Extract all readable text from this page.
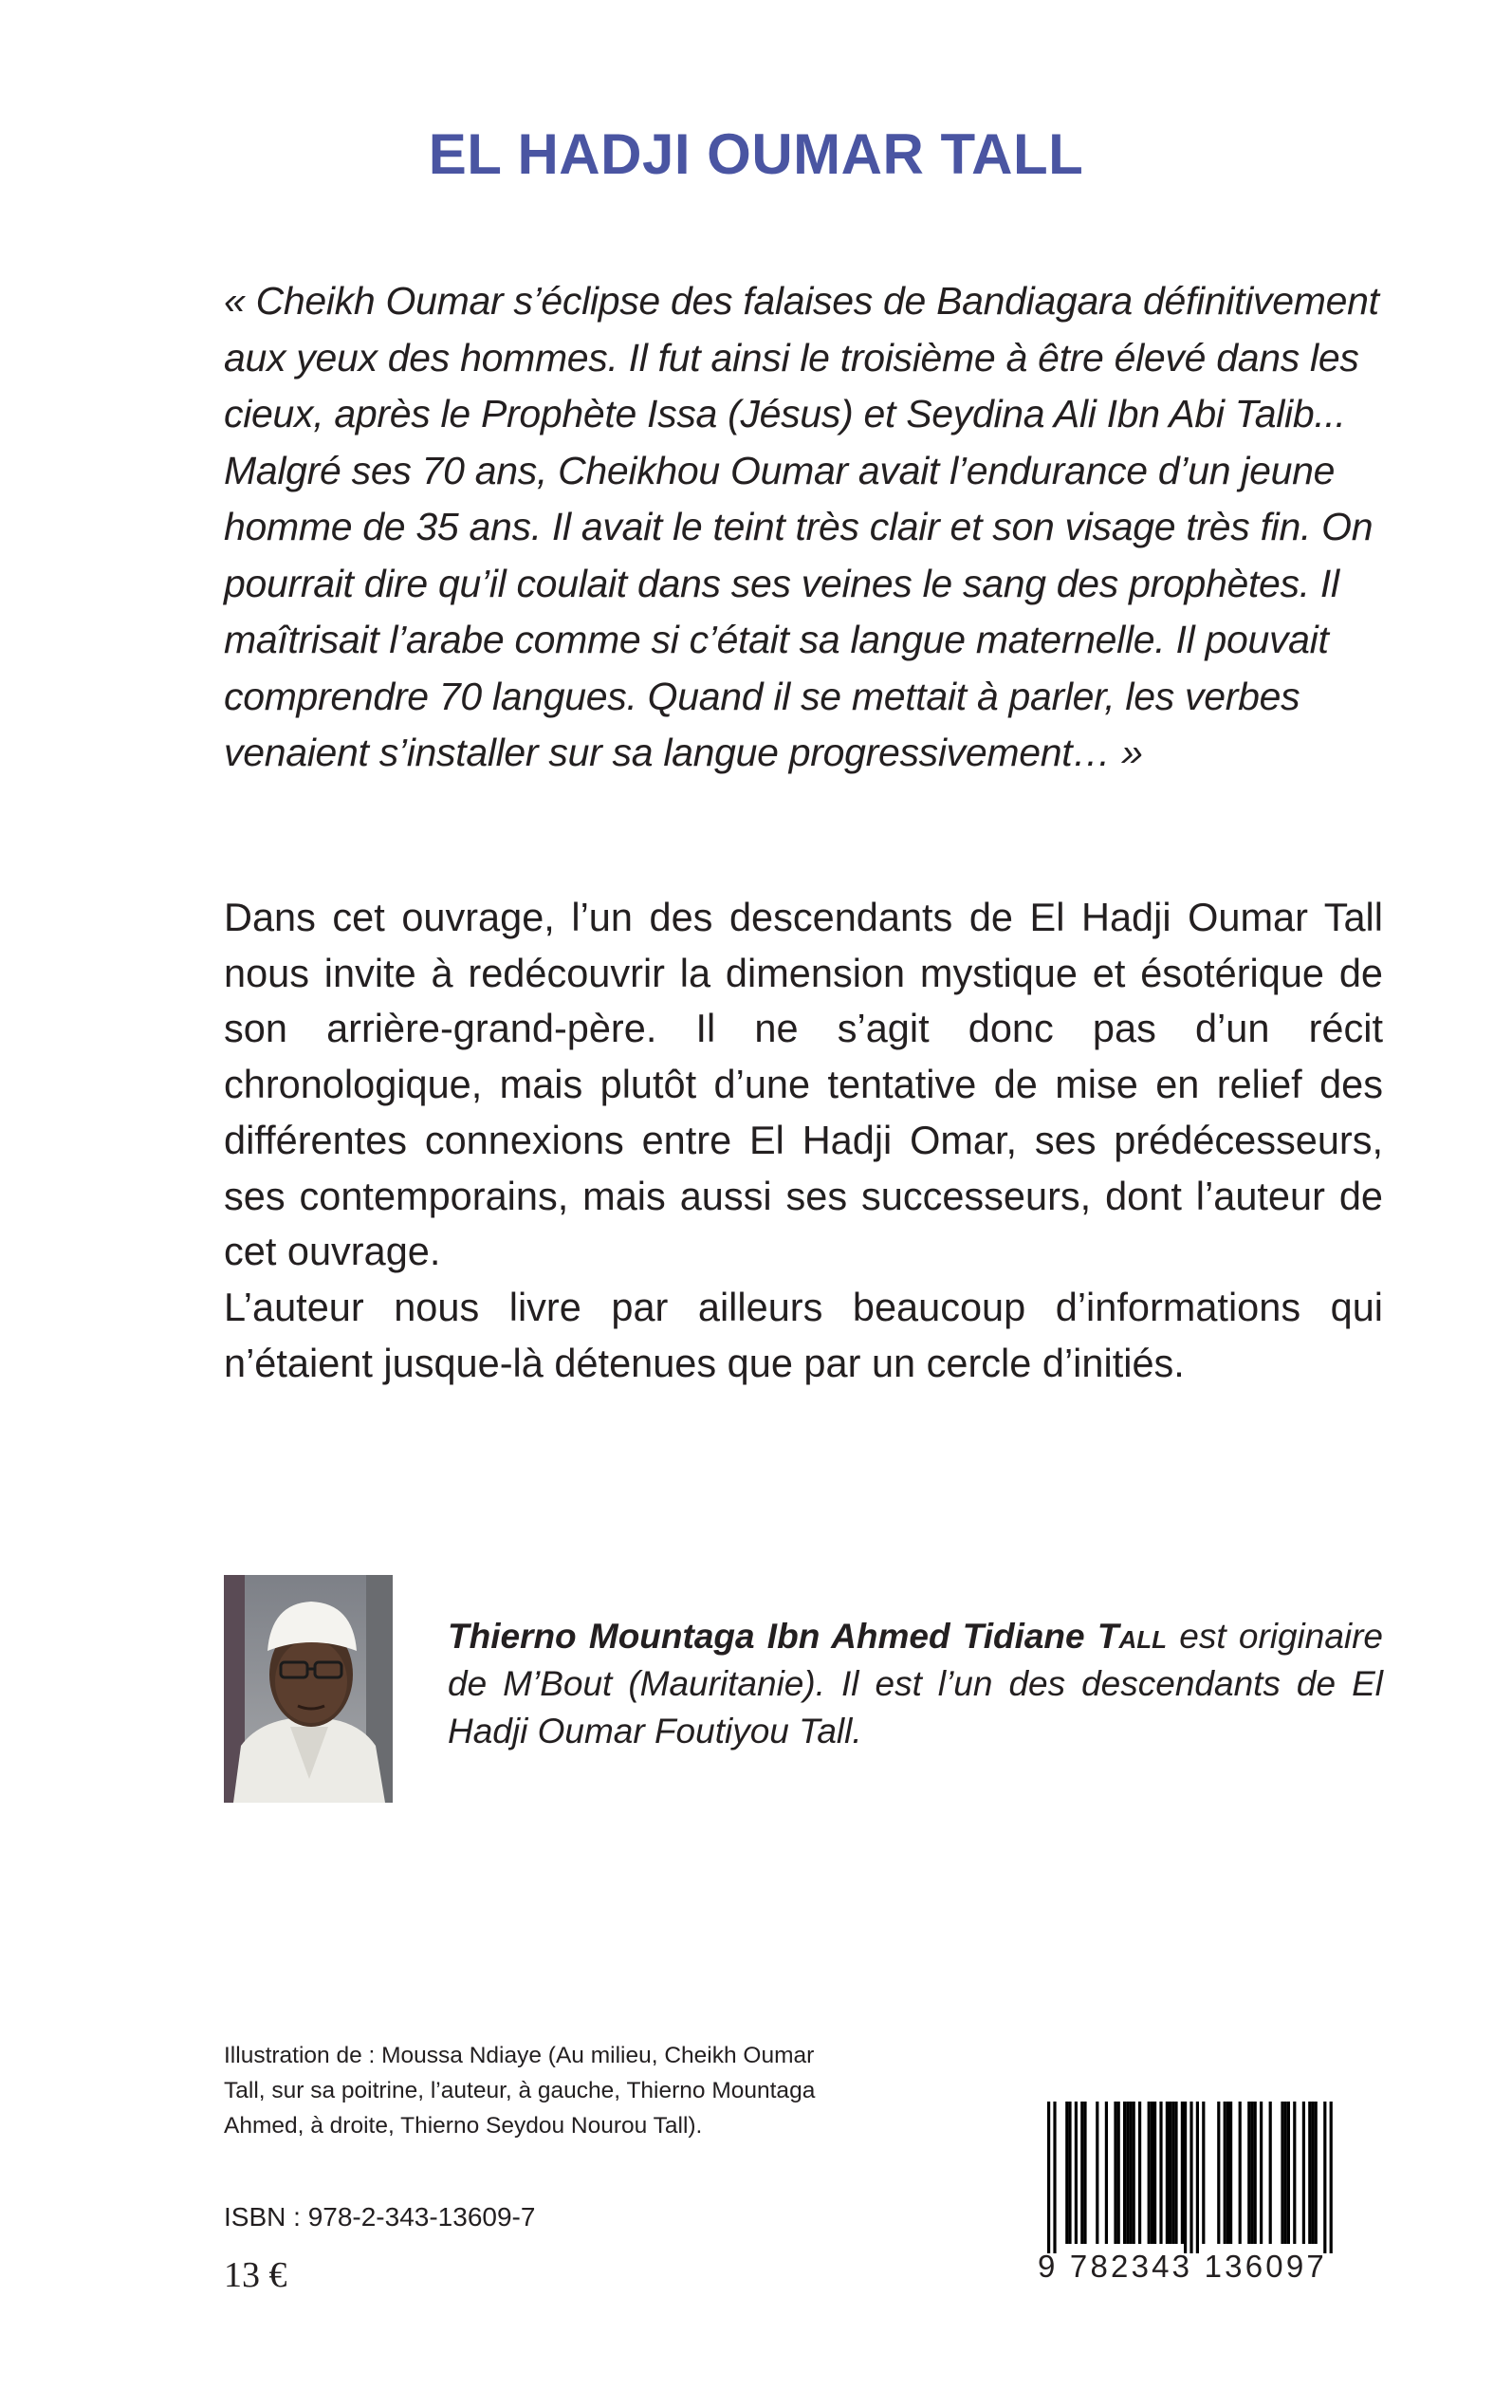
EL HADJI OUMAR TALL

« Cheikh Oumar s’éclipse des falaises de Bandiagara définitivement aux yeux des hommes. Il fut ainsi le troisième à être élevé dans les cieux, après le Prophète Issa (Jésus) et Seydina Ali Ibn Abi Talib... Malgré ses 70 ans, Cheikhou Oumar avait l’endurance d’un jeune homme de 35 ans. Il avait le teint très clair et son visage très fin. On pourrait dire qu’il coulait dans ses veines le sang des prophètes. Il maîtrisait l’arabe comme si c’était sa langue maternelle. Il pouvait comprendre 70 langues. Quand il se mettait à parler, les verbes venaient s’installer sur sa langue progressivement… »

Dans cet ouvrage, l’un des descendants de El Hadji Oumar Tall nous invite à redécouvrir la dimension mystique et ésotérique de son arrière-grand-père. Il ne s’agit donc pas d’un récit chronologique, mais plutôt d’une tentative de mise en relief des différentes connexions entre El Hadji Omar, ses prédécesseurs, ses contemporains, mais aussi ses successeurs, dont l’auteur de cet ouvrage.

L’auteur nous livre par ailleurs beaucoup d’informations qui n’étaient jusque-là détenues que par un cercle d’initiés.

Thierno Mountaga Ibn Ahmed Tidiane Tall est originaire de M’Bout (Mauritanie). Il est l’un des descendants de El Hadji Oumar Foutiyou Tall.

Illustration de : Moussa Ndiaye (Au milieu, Cheikh Oumar Tall, sur sa poitrine, l’auteur, à gauche, Thierno Mountaga Ahmed, à droite, Thierno Seydou Nourou Tall).

ISBN : 978-2-343-13609-7

13 €	9 782343 136097
